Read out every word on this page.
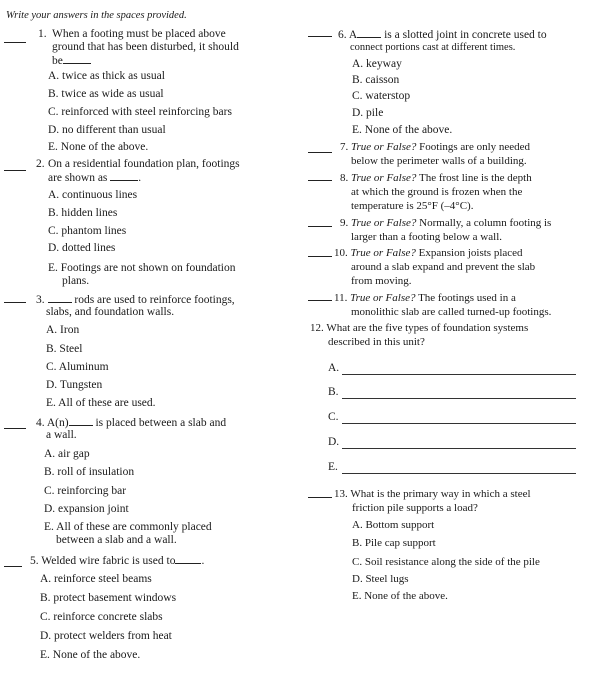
Write your answers in the spaces provided.
1. When a footing must be placed above
ground that has been disturbed, it should
be
A. twice as thick as usual
B. twice as wide as usual
C. reinforced with steel reinforcing bars
D. no different than usual
E. None of the above.
2. On a residential foundation plan, footings
are shown as	.
A. continuous lines
B. hidden lines
C. phantom lines
D. dotted lines
E. Footings are not shown on foundation
plans.
3.	rods are used to reinforce footings,
slabs, and foundation walls.
A. Iron
B. Steel
C. Aluminum
D. Tungsten
E. All of these are used.
4. A(n) is placed between a slab and
a wall.
A. air gap
B. roll of insulation
C. reinforcing bar
D. expansion joint
E. All of these are commonly placed
between a slab and a wall.
5. Welded wire fabric is used to .
A. reinforce steel beams
B. protect basement windows
C. reinforce concrete slabs
D. protect welders from heat
E. None of the above.
6. A is a slotted joint in concrete used to
connect portions cast at different times.
A. keyway
B. caisson
C. waterstop
D. pile
E. None of the above.
7. True or False? Footings are only needed
below the perimeter walls of a building.
8. True or False? The frost line is the depth
at which the ground is frozen when the
temperature is 25°F (–4°C).
9. True or False? Normally, a column footing is
larger than a footing below a wall.
10. True or False? Expansion joists placed
around a slab expand and prevent the slab
from moving.
11. True or False? The footings used in a
monolithic slab are called turned-up footings.
12. What are the five types of foundation systems
described in this unit?
A.
B.
C.
D.
E.
13. What is the primary way in which a steel
friction pile supports a load?
A. Bottom support
B. Pile cap support
C. Soil resistance along the side of the pile
D. Steel lugs
E. None of the above.
